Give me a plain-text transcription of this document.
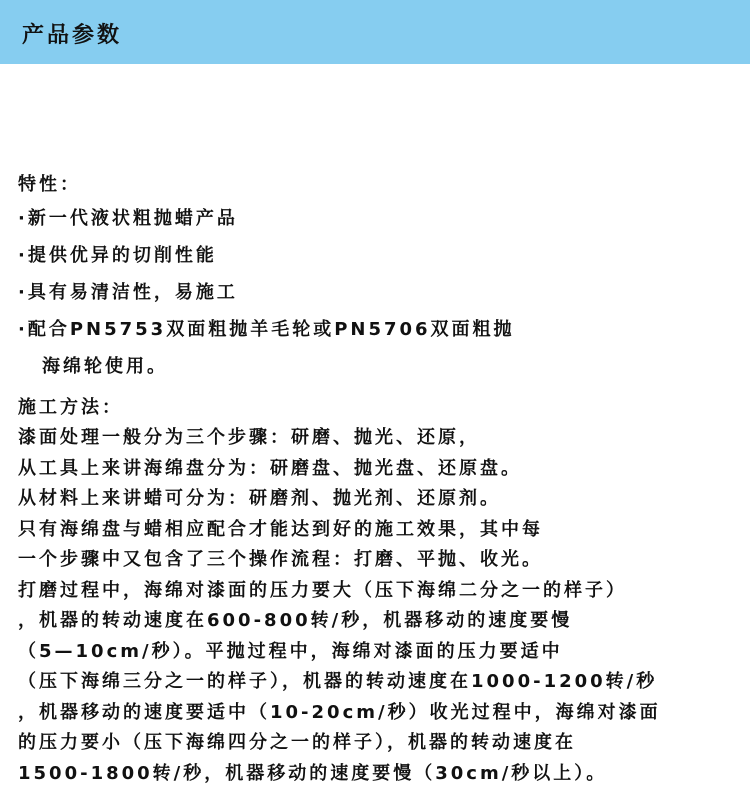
产品参数
特性：
·新一代液状粗抛蜡产品
·提供优异的切削性能
·具有易清洁性，易施工
·配合PN5753双面粗抛羊毛轮或PN5706双面粗抛
海绵轮使用。
施工方法：
漆面处理一般分为三个步骤：研磨、抛光、还原，
从工具上来讲海绵盘分为：研磨盘、抛光盘、还原盘。
从材料上来讲蜡可分为：研磨剂、抛光剂、还原剂。
只有海绵盘与蜡相应配合才能达到好的施工效果，其中每
一个步骤中又包含了三个操作流程：打磨、平抛、收光。
打磨过程中，海绵对漆面的压力要大（压下海绵二分之一的样子）
，机器的转动速度在600-800转/秒，机器移动的速度要慢
（5—10cm/秒）。平抛过程中，海绵对漆面的压力要适中
（压下海绵三分之一的样子），机器的转动速度在1000-1200转/秒
，机器移动的速度要适中（10-20cm/秒）收光过程中，海绵对漆面
的压力要小（压下海绵四分之一的样子），机器的转动速度在
1500-1800转/秒，机器移动的速度要慢（30cm/秒以上）。
